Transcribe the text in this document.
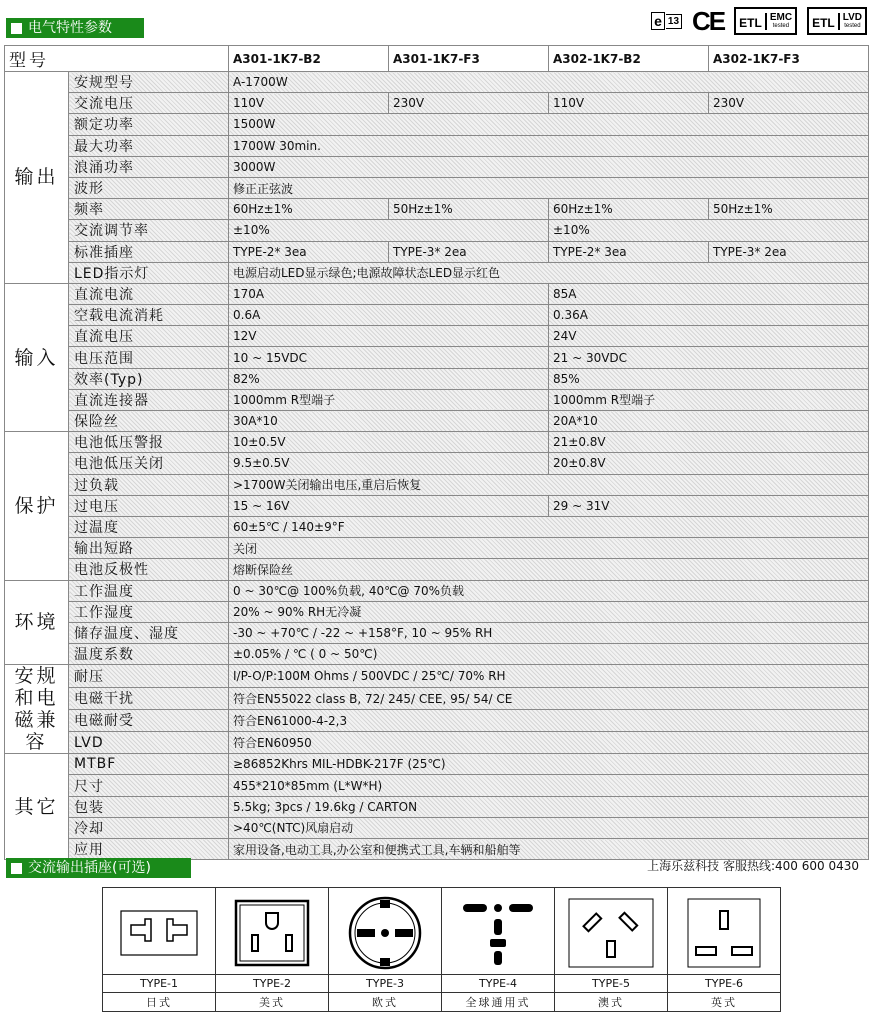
电气特性参数	e 13 CE ETL EMC
tested ETL LVD
tested
型号		A301-1K7-B2	A301-1K7-F3	A302-1K7-B2	A302-1K7-F3
输出	安规型号	A-1700W			
	交流电压	110V	230V	110V	230V
	额定功率	1500W			
	最大功率	1700W 30min.			
	浪涌功率	3000W			
	波形	修正正弦波			
	频率	60Hz±1%	50Hz±1%	60Hz±1%	50Hz±1%
	交流调节率	±10%		±10%	
	标准插座	TYPE-2* 3ea	TYPE-3* 2ea	TYPE-2* 3ea	TYPE-3* 2ea
	LED指示灯	电源启动LED显示绿色;电源故障状态LED显示红色			
输入	直流电流	170A		85A	
	空载电流消耗	0.6A		0.36A	
	直流电压	12V		24V	
	电压范围	10 ~ 15VDC		21 ~ 30VDC	
	效率(Typ)	82%		85%	
	直流连接器	1000mm R型端子		1000mm R型端子	
	保险丝	30A*10		20A*10	
保护	电池低压警报	10±0.5V		21±0.8V	
	电池低压关闭	9.5±0.5V		20±0.8V	
	过负载	>1700W关闭输出电压,重启后恢复			
	过电压	15 ~ 16V		29 ~ 31V	
	过温度	60±5℃ / 140±9°F			
	输出短路	关闭			
	电池反极性	熔断保险丝			
环境	工作温度	0 ~ 30℃@ 100%负载, 40℃@ 70%负载			
	工作湿度	20% ~ 90% RH无冷凝			
	储存温度、湿度	-30 ~ +70℃ / -22 ~ +158°F, 10 ~ 95% RH			
	温度系数	±0.05% / ℃ ( 0 ~ 50℃)			
安规和电磁兼容	耐压	I/P-O/P:100M Ohms / 500VDC / 25℃/ 70% RH			
	电磁干扰	符合EN55022 class B, 72/ 245/ CEE, 95/ 54/ CE			
	电磁耐受	符合EN61000-4-2,3			
	LVD	符合EN60950			
其它	MTBF	≥86852Khrs MIL-HDBK-217F (25℃)			
	尺寸	455*210*85mm (L*W*H)			
	包装	5.5kg; 3pcs / 19.6kg / CARTON			
	冷却	>40℃(NTC)风扇启动			
	应用	家用设备,电动工具,办公室和便携式工具,车辆和船舶等			
交流输出插座(可选)	上海乐兹科技 客服热线:400 600 0430

TYPE-1	TYPE-2	TYPE-3	TYPE-4	TYPE-5	TYPE-6
日式	美式	欧式	全球通用式	澳式	英式
